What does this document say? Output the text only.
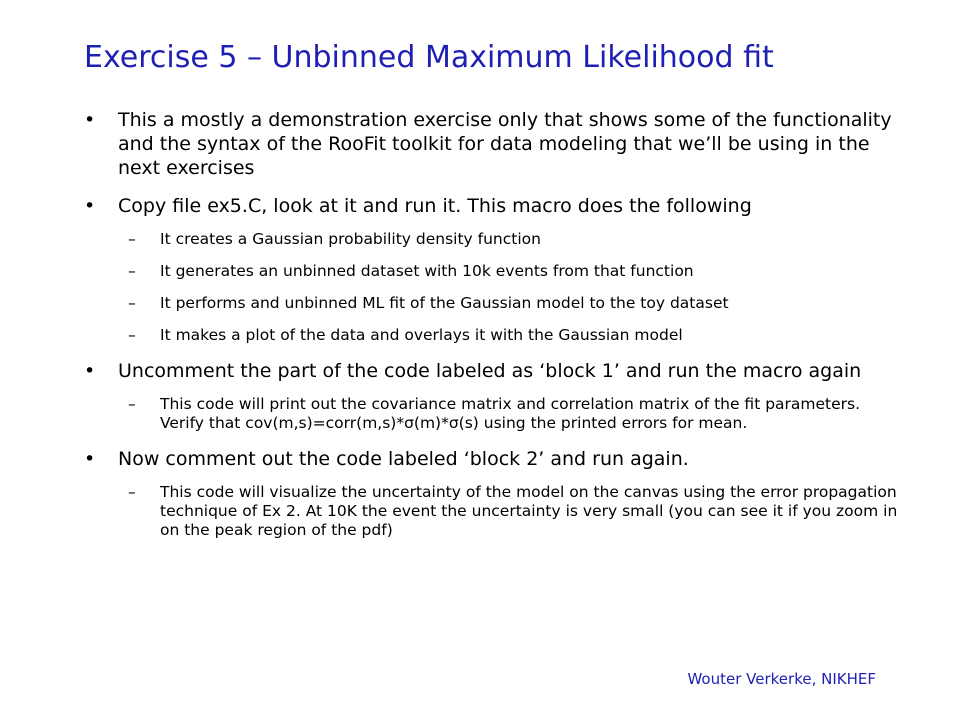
Exercise 5 – Unbinned Maximum Likelihood fit
•	This a mostly a demonstration exercise only that shows some of the functionality and the syntax of the RooFit toolkit for data modeling that we’ll be using in the next exercises
•	Copy file ex5.C, look at it and run it. This macro does the following
– It creates a Gaussian probability density function
– It generates an unbinned dataset with 10k events from that function
– It performs and unbinned ML fit of the Gaussian model to the toy dataset
– It makes a plot of the data and overlays it with the Gaussian model
•	Uncomment the part of the code labeled as ‘block 1’ and run the macro again
– This code will print out the covariance matrix and correlation matrix of the fit parameters. Verify that cov(m,s)=corr(m,s)*σ(m)*σ(s) using the printed errors for mean.
•	Now comment out the code labeled ‘block 2’ and run again.
– This code will visualize the uncertainty of the model on the canvas using the error propagation technique of Ex 2. At 10K the event the uncertainty is very small (you can see it if you zoom in on the peak region of the pdf)
Wouter Verkerke, NIKHEF
